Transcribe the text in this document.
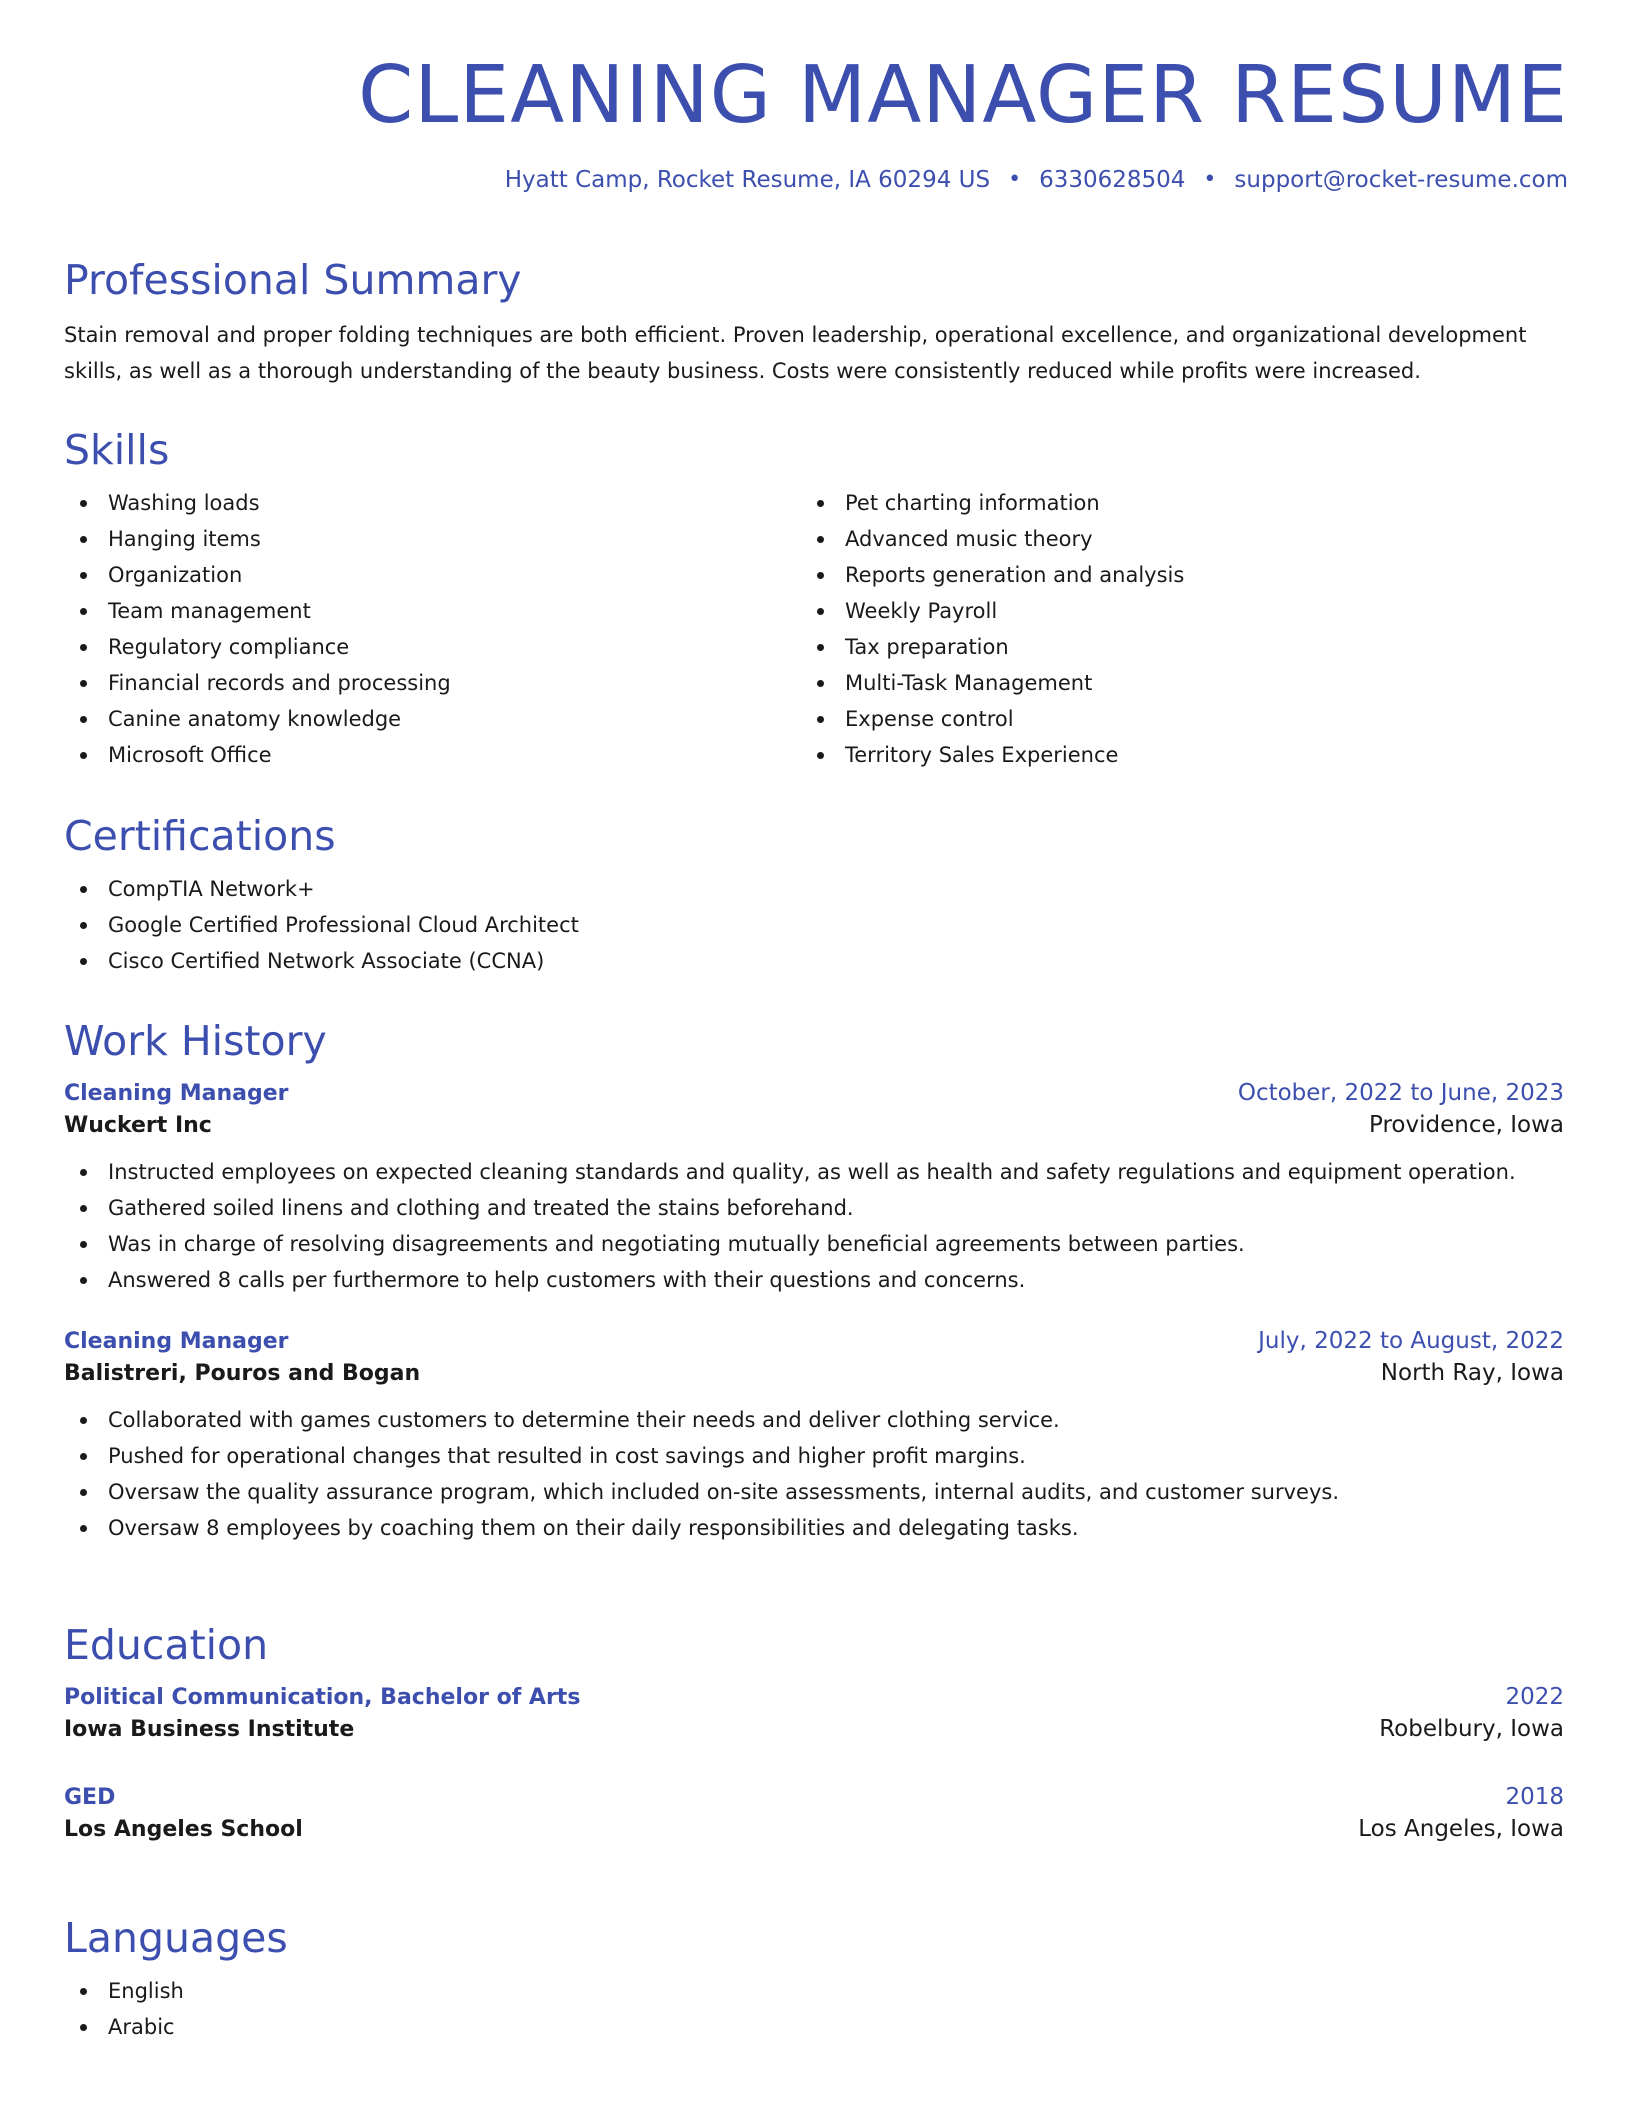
CLEANING MANAGER RESUME
Hyatt Camp, Rocket Resume, IA 60294 US • 6330628504 • support@rocket-resume.com
Professional Summary

Stain removal and proper folding techniques are both efficient. Proven leadership, operational excellence, and organizational development skills, as well as a thorough understanding of the beauty business. Costs were consistently reduced while profits were increased.

Skills
Washing loads
Hanging items
Organization
Team management
Regulatory compliance
Financial records and processing
Canine anatomy knowledge
Microsoft Office
Pet charting information
Advanced music theory
Reports generation and analysis
Weekly Payroll
Tax preparation
Multi-Task Management
Expense control
Territory Sales Experience
Certifications
CompTIA Network+
Google Certified Professional Cloud Architect
Cisco Certified Network Associate (CCNA)
Work History
Cleaning Manager	October, 2022 to June, 2023
Wuckert Inc	Providence, Iowa
Instructed employees on expected cleaning standards and quality, as well as health and safety regulations and equipment operation.
Gathered soiled linens and clothing and treated the stains beforehand.
Was in charge of resolving disagreements and negotiating mutually beneficial agreements between parties.
Answered 8 calls per furthermore to help customers with their questions and concerns.
Cleaning Manager	July, 2022 to August, 2022
Balistreri, Pouros and Bogan	North Ray, Iowa
Collaborated with games customers to determine their needs and deliver clothing service.
Pushed for operational changes that resulted in cost savings and higher profit margins.
Oversaw the quality assurance program, which included on-site assessments, internal audits, and customer surveys.
Oversaw 8 employees by coaching them on their daily responsibilities and delegating tasks.
Education
Political Communication, Bachelor of Arts	2022
Iowa Business Institute	Robelbury, Iowa
GED	2018
Los Angeles School	Los Angeles, Iowa
Languages
English
Arabic
